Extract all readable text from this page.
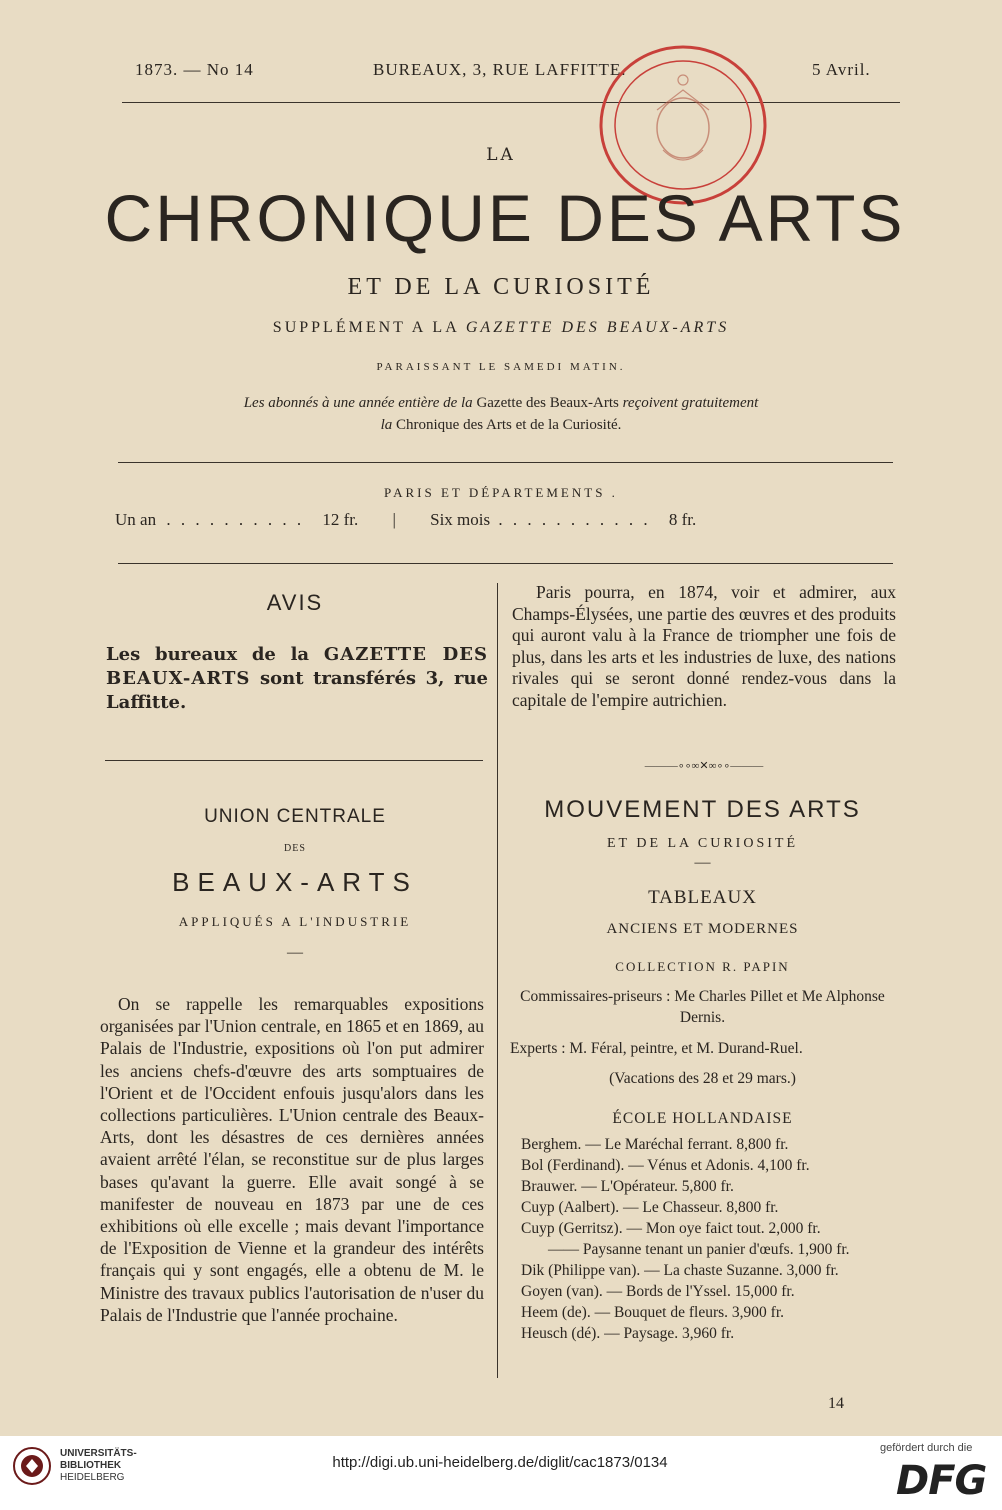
1873. — No 14	BUREAUX, 3, RUE LAFFITTE.	5 Avril.
LA
CHRONIQUE DES ARTS
ET DE LA CURIOSITÉ
SUPPLÉMENT A LA GAZETTE DES BEAUX-ARTS
PARAISSANT LE SAMEDI MATIN.
Les abonnés à une année entière de la Gazette des Beaux-Arts reçoivent gratuitement
la Chronique des Arts et de la Curiosité.
PARIS ET DÉPARTEMENTS .
Un an . . . . . . . . . . 12 fr. | Six mois . . . . . . . . . . . 8 fr.
AVIS
Les bureaux de la GAZETTE DES BEAUX-ARTS sont transférés 3, rue Laffitte.
UNION CENTRALE
DES
BEAUX-ARTS
APPLIQUÉS A L'INDUSTRIE
—
On se rappelle les remarquables expositions organisées par l'Union centrale, en 1865 et en 1869, au Palais de l'Industrie, expositions où l'on put admirer les anciens chefs-d'œuvre des arts somptuaires de l'Orient et de l'Occident enfouis jusqu'alors dans les collections particulières. L'Union centrale des Beaux-Arts, dont les désastres de ces dernières années avaient arrêté l'élan, se reconstitue sur de plus larges bases qu'avant la guerre. Elle avait songé à se manifester de nouveau en 1873 par une de ces exhibitions où elle excelle ; mais devant l'importance de l'Exposition de Vienne et la grandeur des intérêts français qui y sont engagés, elle a obtenu de M. le Ministre des travaux publics l'autorisation de n'user du Palais de l'Industrie que l'année prochaine.
Paris pourra, en 1874, voir et admirer, aux Champs-Élysées, une partie des œuvres et des produits qui auront valu à la France de triompher une fois de plus, dans les arts et les industries de luxe, des nations rivales qui se seront donné rendez-vous dans la capitale de l'empire autrichien.
———∘∘∞✕∞∘∘———
MOUVEMENT DES ARTS
ET DE LA CURIOSITÉ
—
TABLEAUX
ANCIENS ET MODERNES
COLLECTION R. PAPIN
Commissaires-priseurs : Me Charles Pillet et Me Alphonse Dernis.
Experts : M. Féral, peintre, et M. Durand-Ruel.
(Vacations des 28 et 29 mars.)
ÉCOLE HOLLANDAISE

Berghem. — Le Maréchal ferrant. 8,800 fr.

Bol (Ferdinand). — Vénus et Adonis. 4,100 fr.

Brauwer. — L'Opérateur. 5,800 fr.

Cuyp (Aalbert). — Le Chasseur. 8,800 fr.

Cuyp (Gerritsz). — Mon oye faict tout. 2,000 fr.

—— Paysanne tenant un panier d'œufs. 1,900 fr.

Dik (Philippe van). — La chaste Suzanne. 3,000 fr.

Goyen (van). — Bords de l'Yssel. 15,000 fr.

Heem (de). — Bouquet de fleurs. 3,900 fr.

Heusch (dé). — Paysage. 3,960 fr.

14
UNIVERSITÄTS-
BIBLIOTHEK
HEIDELBERG
http://digi.ub.uni-heidelberg.de/diglit/cac1873/0134
gefördert durch die
DFG
